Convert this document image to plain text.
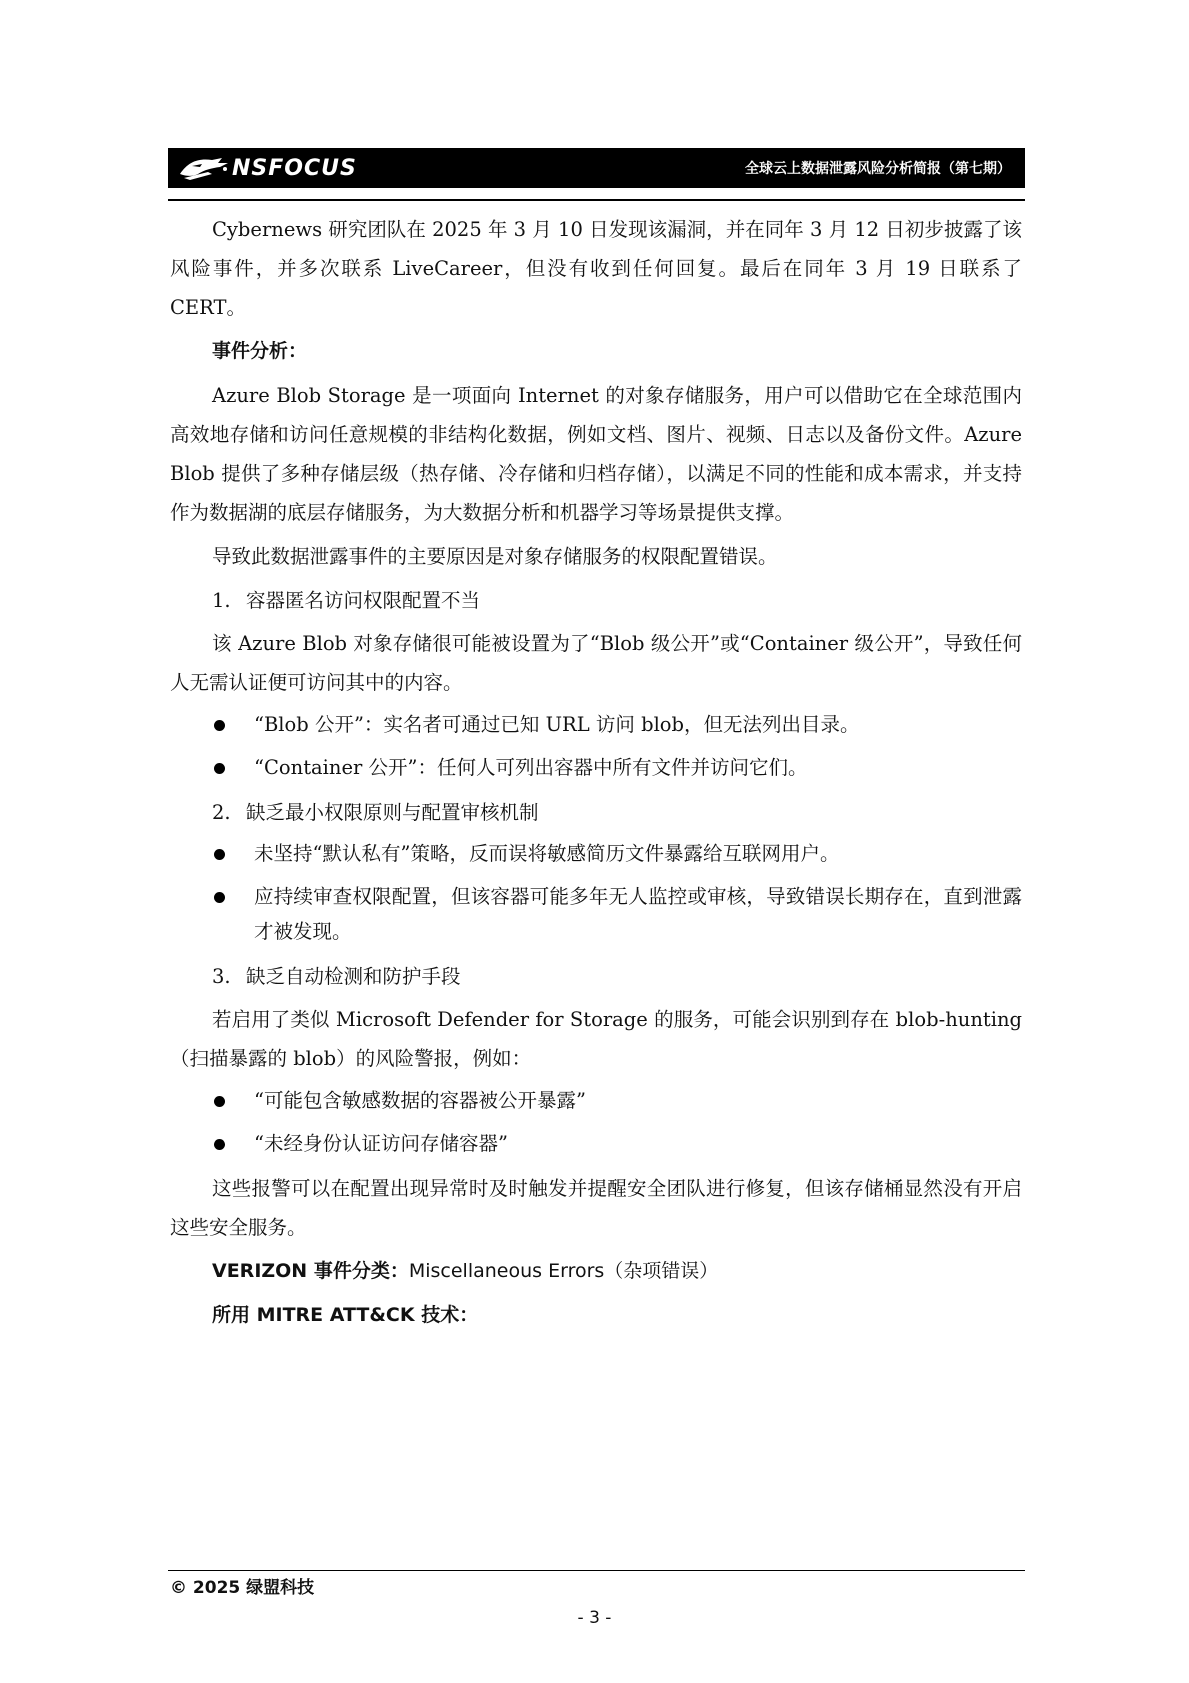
NSFOCUS	全球云上数据泄露风险分析简报（第七期）

Cybernews 研究团队在 2025 年 3 月 10 日发现该漏洞，并在同年 3 月 12 日初步披露了该风险事件，并多次联系 LiveCareer，但没有收到任何回复。最后在同年 3 月 19 日联系了 CERT。

事件分析：

Azure Blob Storage 是一项面向 Internet 的对象存储服务，用户可以借助它在全球范围内高效地存储和访问任意规模的非结构化数据，例如文档、图片、视频、日志以及备份文件。Azure Blob 提供了多种存储层级（热存储、冷存储和归档存储），以满足不同的性能和成本需求，并支持作为数据湖的底层存储服务，为大数据分析和机器学习等场景提供支撑。

导致此数据泄露事件的主要原因是对象存储服务的权限配置错误。

1. 容器匿名访问权限配置不当

该 Azure Blob 对象存储很可能被设置为了“Blob 级公开”或“Container 级公开”，导致任何人无需认证便可访问其中的内容。

“Blob 公开”：实名者可通过已知 URL 访问 blob，但无法列出目录。
“Container 公开”：任何人可列出容器中所有文件并访问它们。
2. 缺乏最小权限原则与配置审核机制
未坚持“默认私有”策略，反而误将敏感简历文件暴露给互联网用户。
应持续审查权限配置，但该容器可能多年无人监控或审核，导致错误长期存在，直到泄露才被发现。
3. 缺乏自动检测和防护手段

若启用了类似 Microsoft Defender for Storage 的服务，可能会识别到存在 blob-hunting（扫描暴露的 blob）的风险警报，例如：

“可能包含敏感数据的容器被公开暴露”
“未经身份认证访问存储容器”

这些报警可以在配置出现异常时及时触发并提醒安全团队进行修复，但该存储桶显然没有开启这些安全服务。

VERIZON 事件分类：Miscellaneous Errors（杂项错误）
所用 MITRE ATT&CK 技术：
© 2025 绿盟科技
- 3 -
